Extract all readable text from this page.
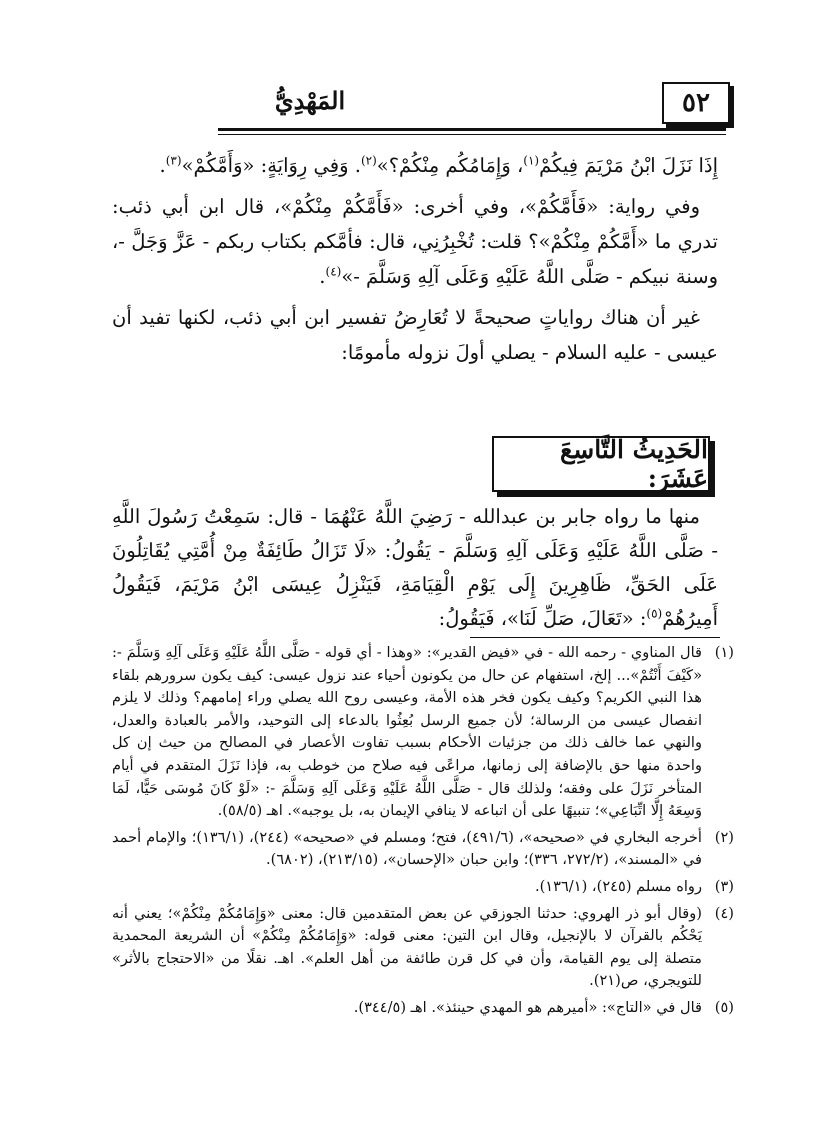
٥٢
المَهْدِيُّ

إِذَا نَزَلَ ابْنُ مَرْيَمَ فِيكُمْ$^{(١)}$، وَإِمَامُكُم مِنْكُمْ؟»$^{(٢)}$. وَفِي رِوَايَةٍ: «وَأَمَّكُمْ»$^{(٣)}$.

وفي رواية: «فَأَمَّكُمْ»، وفي أخرى: «فَأَمَّكُمْ مِنْكُمْ»، قال ابن أبي ذئب: تدري ما «أَمَّكُمْ مِنْكُمْ»؟ قلت: تُخْبِرُنِي، قال: فأمَّكم بكتاب ربكم - عَزَّ وَجَلَّ -، وسنة نبيكم - صَلَّى اللَّهُ عَلَيْهِ وَعَلَى آلِهِ وَسَلَّمَ -»$^{(٤)}$.

غير أن هناك رواياتٍ صحيحةً لا تُعَارِضُ تفسير ابن أبي ذئب، لكنها تفيد أن عيسى - عليه السلام - يصلي أولَ نزوله مأمومًا:

الحَدِيثُ التَّاسِعَ عَشَرَ:

منها ما رواه جابر بن عبدالله - رَضِيَ اللَّهُ عَنْهُمَا - قال: سَمِعْتُ رَسُولَ اللَّهِ - صَلَّى اللَّهُ عَلَيْهِ وَعَلَى آلِهِ وَسَلَّمَ - يَقُولُ: «لَا تَزَالُ طَائِفَةٌ مِنْ أُمَّتِي يُقَاتِلُونَ عَلَى الحَقِّ، ظَاهِرِينَ إِلَى يَوْمِ الْقِيَامَةِ، فَيَنْزِلُ عِيسَى ابْنُ مَرْيَمَ، فَيَقُولُ أَمِيرُهُمْ$^{(٥)}$: «تَعَالَ، صَلِّ لَنَا»، فَيَقُولُ:

(١)
قال المناوي - رحمه الله - في «فيض القدير»: «وهذا - أي قوله - صَلَّى اللَّهُ عَلَيْهِ وَعَلَى آلِهِ وَسَلَّمَ -: «كَيْفَ أَنْتُمْ»... إلخ، استفهام عن حال من يكونون أحياء عند نزول عيسى: كيف يكون سرورهم بلقاء هذا النبي الكريم؟ وكيف يكون فخر هذه الأمة، وعيسى روح الله يصلي وراء إمامهم؟ وذلك لا يلزم انفصال عيسى من الرسالة؛ لأن جميع الرسل بُعِثُوا بالدعاء إلى التوحيد، والأمر بالعبادة والعدل، والنهي عما خالف ذلك من جزئيات الأحكام بسبب تفاوت الأعصار في المصالح من حيث إن كل واحدة منها حق بالإضافة إلى زمانها، مراعًى فيه صلاح من خوطب به، فإذا نَزَلَ المتقدم في أيام المتأخر نَزَلَ على وفقه؛ ولذلك قال - صَلَّى اللَّهُ عَلَيْهِ وَعَلَى آلِهِ وَسَلَّمَ -: «لَوْ كَانَ مُوسَى حَيًّا، لَمَا وَسِعَهُ إِلَّا اتِّبَاعِي»؛ تنبيهًا على أن اتباعه لا ينافي الإيمان به، بل يوجبه». اهـ (٥٨/٥).
(٢)
أخرجه البخاري في «صحيحه»، (٤٩١/٦)، فتح؛ ومسلم في «صحيحه» (٢٤٤)، (١٣٦/١)؛ والإمام أحمد في «المسند»، (٢٧٢/٢، ٣٣٦)؛ وابن حبان «الإحسان»، (٢١٣/١٥)، (٦٨٠٢).
(٣)
رواه مسلم (٢٤٥)، (١٣٦/١).
(٤)
(وقال أبو ذر الهروي: حدثنا الجوزقي عن بعض المتقدمين قال: معنى «وَإِمَامُكُمْ مِنْكُمْ»؛ يعني أنه يَحْكُم بالقرآن لا بالإنجيل، وقال ابن التين: معنى قوله: «وَإِمَامُكُمْ مِنْكُمْ» أن الشريعة المحمدية متصلة إلى يوم القيامة، وأن في كل قرن طائفة من أهل العلم». اهـ. نقلًا من «الاحتجاج بالأثر» للتويجري، ص(٢١).
(٥)
قال في «التاج»: «أميرهم هو المهدي حينئذ». اهـ (٣٤٤/٥).
